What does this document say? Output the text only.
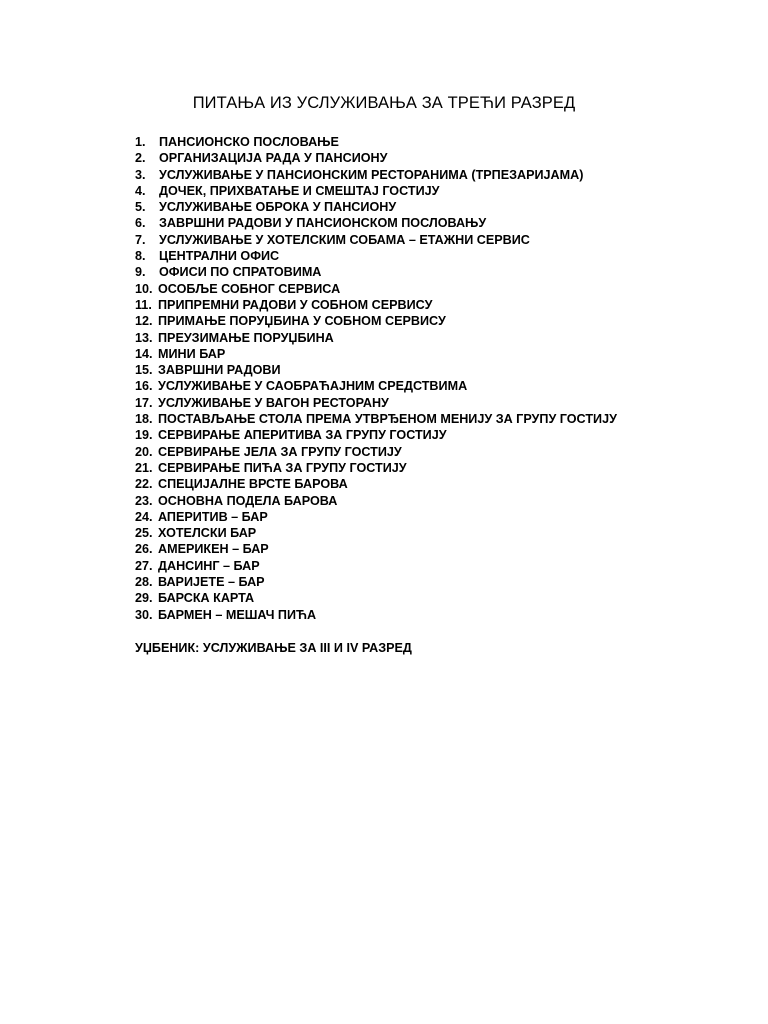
ПИТАЊА ИЗ УСЛУЖИВАЊА ЗА ТРЕЋИ РАЗРЕД
1.	ПАНСИОНСКО ПОСЛОВАЊЕ
2.	ОРГАНИЗАЦИЈА РАДА У ПАНСИОНУ
3.	УСЛУЖИВАЊЕ У ПАНСИОНСКИМ РЕСТОРАНИМА (ТРПЕЗАРИЈАМА)
4.	ДОЧЕК, ПРИХВАТАЊЕ И СМЕШТАЈ ГОСТИЈУ
5.	УСЛУЖИВАЊЕ ОБРОКА У ПАНСИОНУ
6.	ЗАВРШНИ РАДОВИ У ПАНСИОНСКОМ ПОСЛОВАЊУ
7.	УСЛУЖИВАЊЕ У ХОТЕЛСКИМ СОБАМА – ЕТАЖНИ СЕРВИС
8.	ЦЕНТРАЛНИ ОФИС
9.	ОФИСИ ПО СПРАТОВИМА
10. ОСОБЉЕ СОБНОГ СЕРВИСА
11. ПРИПРЕМНИ РАДОВИ У СОБНОМ СЕРВИСУ
12. ПРИМАЊЕ ПОРУЏБИНА У СОБНОМ СЕРВИСУ
13. ПРЕУЗИМАЊЕ ПОРУЏБИНА
14. МИНИ БАР
15. ЗАВРШНИ РАДОВИ
16. УСЛУЖИВАЊЕ У САОБРАЋАЈНИМ СРЕДСТВИМА
17. УСЛУЖИВАЊЕ У ВАГОН РЕСТОРАНУ
18. ПОСТАВЉАЊЕ СТОЛА ПРЕМА УТВРЂЕНОМ МЕНИЈУ ЗА ГРУПУ ГОСТИЈУ
19. СЕРВИРАЊЕ АПЕРИТИВА ЗА ГРУПУ ГОСТИЈУ
20. СЕРВИРАЊЕ ЈЕЛА ЗА ГРУПУ ГОСТИЈУ
21. СЕРВИРАЊЕ ПИЋА ЗА ГРУПУ ГОСТИЈУ
22. СПЕЦИЈАЛНЕ ВРСТЕ БАРОВА
23. ОСНОВНА ПОДЕЛА БАРОВА
24. АПЕРИТИВ – БАР
25. ХОТЕЛСКИ БАР
26. АМЕРИКЕН – БАР
27. ДАНСИНГ – БАР
28. ВАРИЈЕТЕ – БАР
29. БАРСКА КАРТА
30. БАРМЕН – МЕШАЧ ПИЋА
УЏБЕНИК: УСЛУЖИВАЊЕ ЗА III И IV РАЗРЕД
